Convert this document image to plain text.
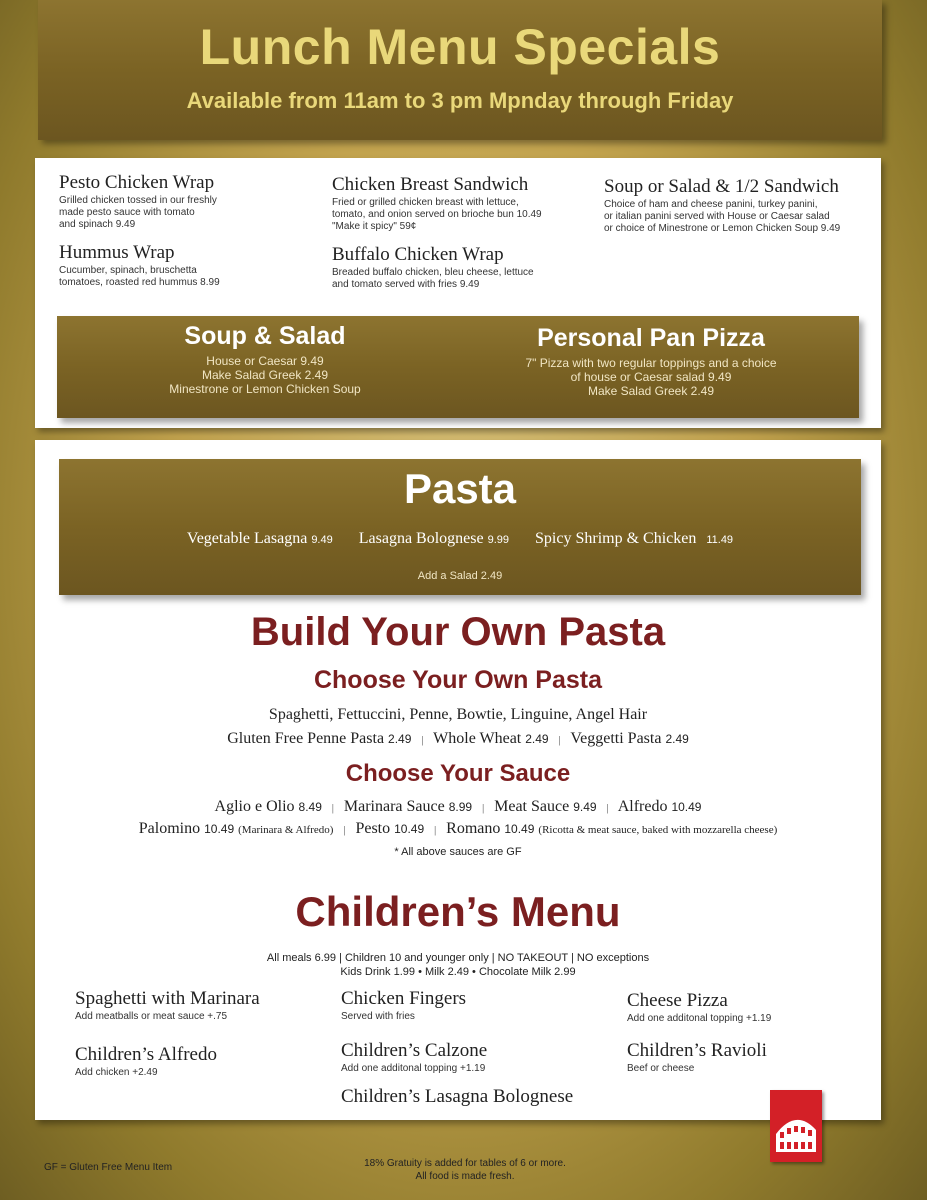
Lunch Menu Specials
Available from 11am to 3 pm Mpnday through Friday
Pesto Chicken Wrap
Grilled chicken tossed in our freshly
made pesto sauce with tomato
and spinach 9.49
Hummus Wrap
Cucumber, spinach, bruschetta
tomatoes, roasted red hummus 8.99
Chicken Breast Sandwich
Fried or grilled chicken breast with lettuce,
tomato, and onion served on brioche bun 10.49
"Make it spicy" 59¢
Buffalo Chicken Wrap
Breaded buffalo chicken, bleu cheese, lettuce
and tomato served with fries 9.49
Soup or Salad & 1/2 Sandwich
Choice of ham and cheese panini, turkey panini,
or italian panini served with House or Caesar salad
or choice of Minestrone or Lemon Chicken Soup 9.49
Soup & Salad
House or Caesar 9.49
Make Salad Greek 2.49
Minestrone or Lemon Chicken Soup
Personal Pan Pizza
7" Pizza with two regular toppings and a choice
of house or Caesar salad 9.49
Make Salad Greek 2.49
Pasta
Vegetable Lasagna 9.49 Lasagna Bolognese 9.99 Spicy Shrimp & Chicken 11.49
Add a Salad 2.49
Build Your Own Pasta
Choose Your Own Pasta
Spaghetti, Fettuccini, Penne, Bowtie, Linguine, Angel Hair
Gluten Free Penne Pasta 2.49 | Whole Wheat 2.49 | Veggetti Pasta 2.49
Choose Your Sauce
Aglio e Olio 8.49 | Marinara Sauce 8.99 | Meat Sauce 9.49 | Alfredo 10.49
Palomino 10.49 (Marinara & Alfredo) | Pesto 10.49 | Romano 10.49 (Ricotta & meat sauce, baked with mozzarella cheese)
* All above sauces are GF
Children’s Menu
All meals 6.99 | Children 10 and younger only | NO TAKEOUT | NO exceptions
Kids Drink 1.99 • Milk 2.49 • Chocolate Milk 2.99
Spaghetti with Marinara
Add meatballs or meat sauce +.75
Children’s Alfredo
Add chicken +2.49
Chicken Fingers
Served with fries
Children’s Calzone
Add one additonal topping +1.19
Children’s Lasagna Bolognese
Cheese Pizza
Add one additonal topping +1.19
Children’s Ravioli
Beef or cheese
GF = Gluten Free Menu Item	18% Gratuity is added for tables of 6 or more.
All food is made fresh.
